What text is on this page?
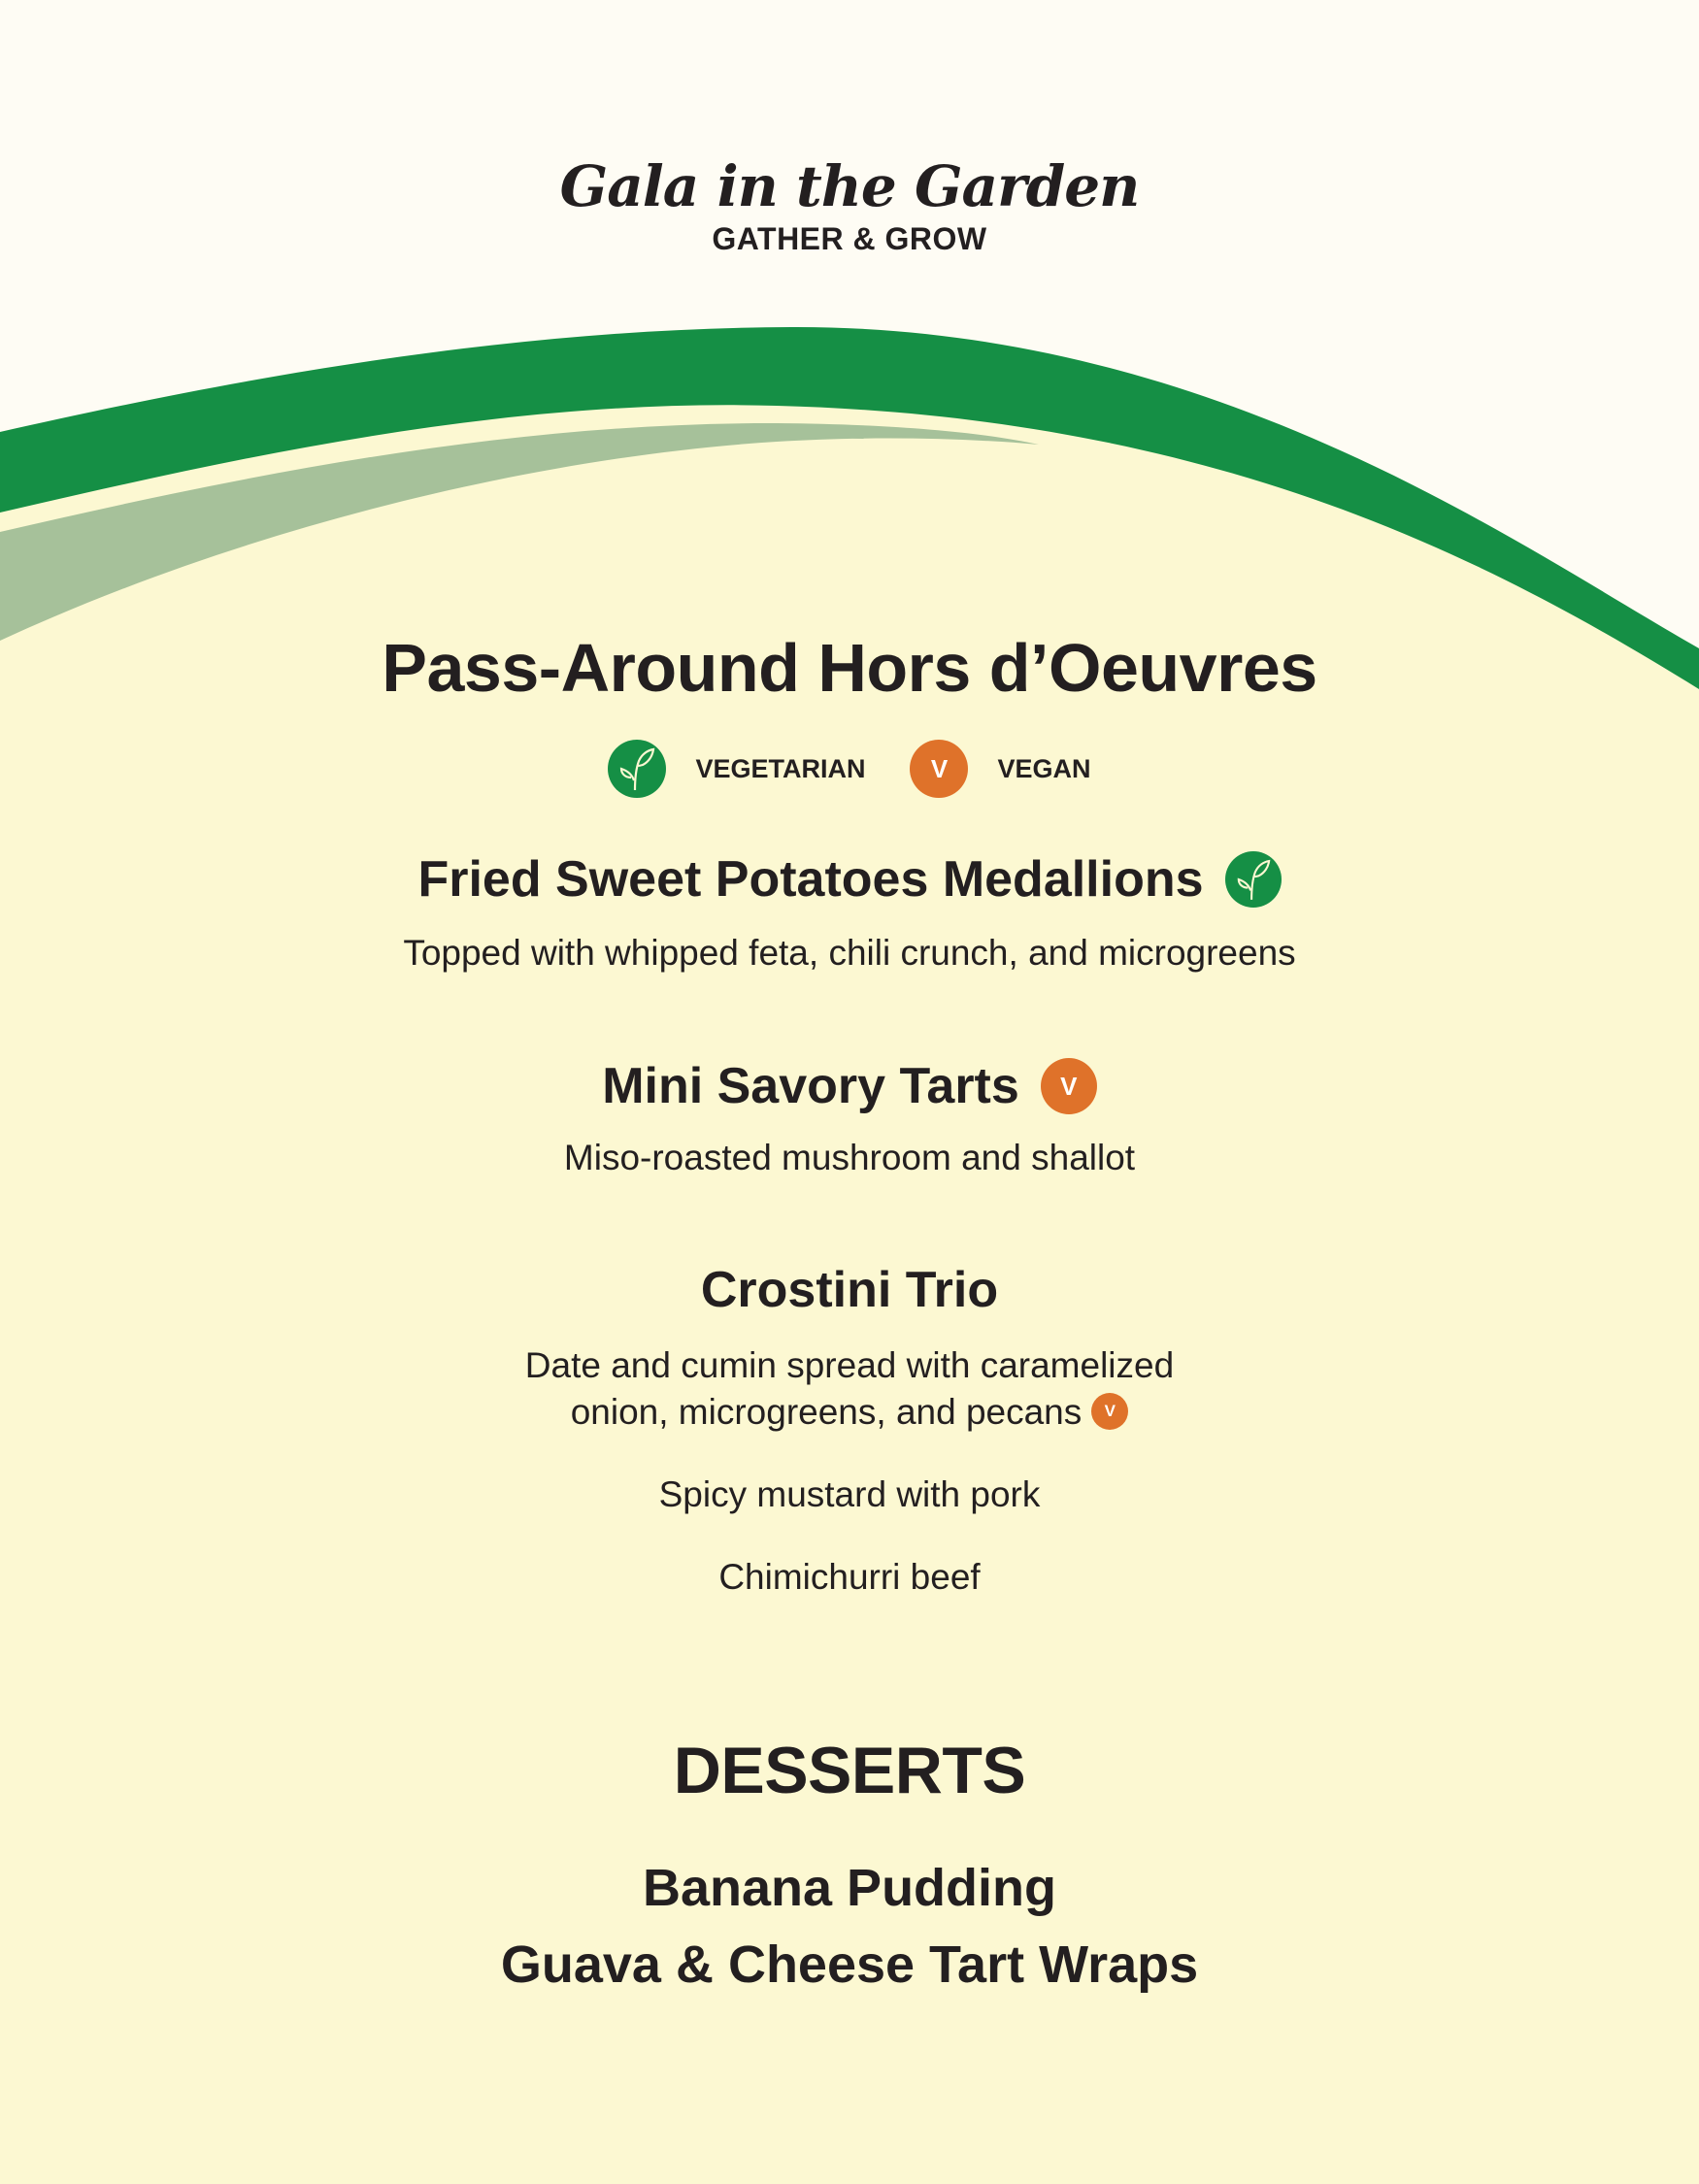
Gala in the Garden
GATHER & GROW
Pass-Around Hors d’Oeuvres
VEGETARIAN	V	VEGAN
Fried Sweet Potatoes Medallions
Topped with whipped feta, chili crunch, and microgreens
Mini Savory Tarts	V
Miso-roasted mushroom and shallot
Crostini Trio
Date and cumin spread with caramelized
onion, microgreens, and pecans V
Spicy mustard with pork
Chimichurri beef
DESSERTS
Banana Pudding
Guava & Cheese Tart Wraps
